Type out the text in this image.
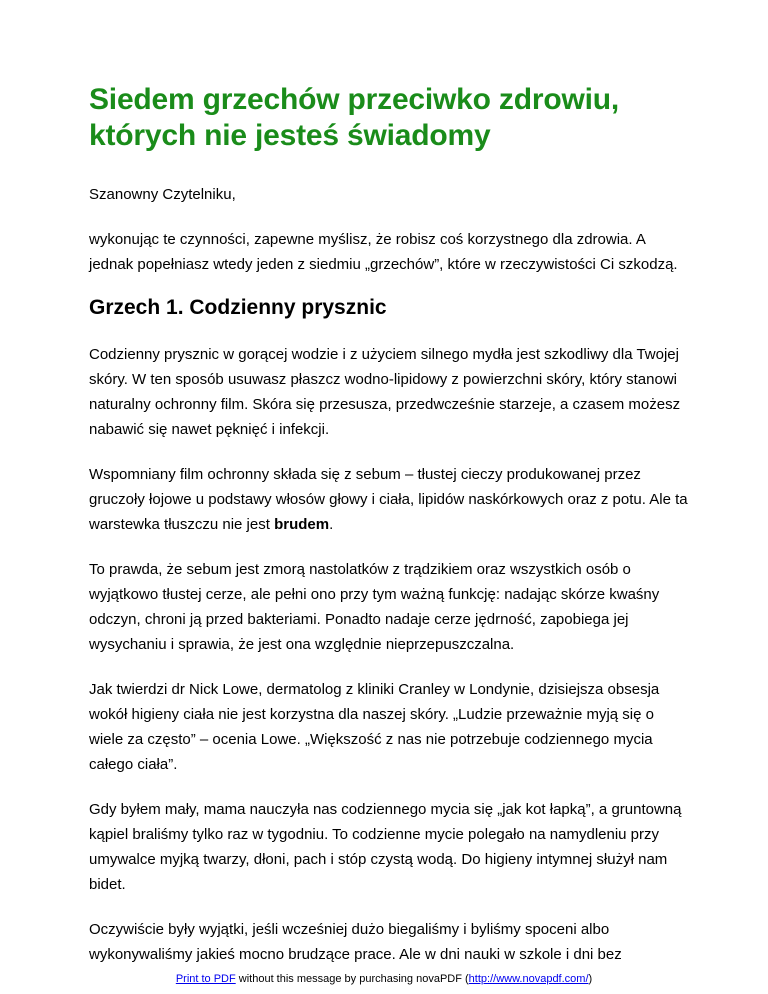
Siedem grzechów przeciwko zdrowiu, których nie jesteś świadomy

Szanowny Czytelniku,

wykonując te czynności, zapewne myślisz, że robisz coś korzystnego dla zdrowia. A jednak popełniasz wtedy jeden z siedmiu „grzechów”, które w rzeczywistości Ci szkodzą.

Grzech 1. Codzienny prysznic

Codzienny prysznic w gorącej wodzie i z użyciem silnego mydła jest szkodliwy dla Twojej skóry. W ten sposób usuwasz płaszcz wodno-lipidowy z powierzchni skóry, który stanowi naturalny ochronny film. Skóra się przesusza, przedwcześnie starzeje, a czasem możesz nabawić się nawet pęknięć i infekcji.

Wspomniany film ochronny składa się z sebum – tłustej cieczy produkowanej przez gruczoły łojowe u podstawy włosów głowy i ciała, lipidów naskórkowych oraz z potu. Ale ta warstewka tłuszczu nie jest brudem.

To prawda, że sebum jest zmorą nastolatków z trądzikiem oraz wszystkich osób o wyjątkowo tłustej cerze, ale pełni ono przy tym ważną funkcję: nadając skórze kwaśny odczyn, chroni ją przed bakteriami. Ponadto nadaje cerze jędrność, zapobiega jej wysychaniu i sprawia, że jest ona względnie nieprzepuszczalna.

Jak twierdzi dr Nick Lowe, dermatolog z kliniki Cranley w Londynie, dzisiejsza obsesja wokół higieny ciała nie jest korzystna dla naszej skóry. „Ludzie przeważnie myją się o wiele za często” – ocenia Lowe. „Większość z nas nie potrzebuje codziennego mycia całego ciała”.

Gdy byłem mały, mama nauczyła nas codziennego mycia się „jak kot łapką”, a gruntowną kąpiel braliśmy tylko raz w tygodniu. To codzienne mycie polegało na namydleniu przy umywalce myjką twarzy, dłoni, pach i stóp czystą wodą. Do higieny intymnej służył nam bidet.

Oczywiście były wyjątki, jeśli wcześniej dużo biegaliśmy i byliśmy spoceni albo wykonywaliśmy jakieś mocno brudzące prace. Ale w dni nauki w szkole i dni bez

Print to PDF without this message by purchasing novaPDF (http://www.novapdf.com/)
